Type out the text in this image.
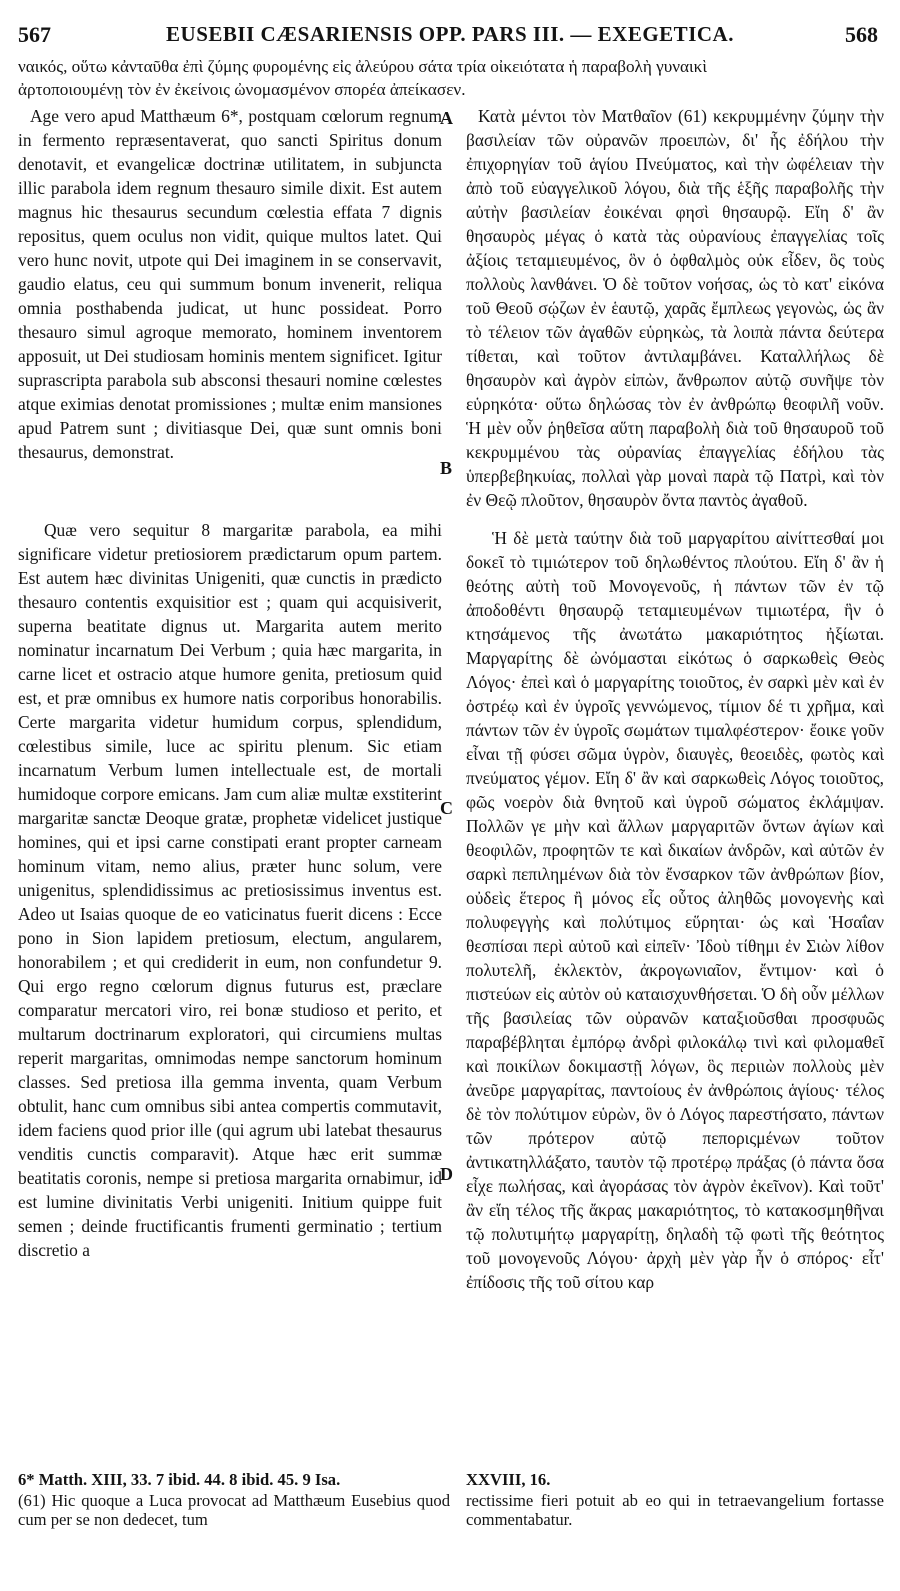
567	EUSEBII CÆSARIENSIS OPP. PARS III. — EXEGETICA.	568
ναικός, οὕτω κἀνταῦθα ἐπὶ ζύμης φυρομένης εἰς ἀλεύρου σάτα τρία οἰκειότατα ἡ παραβολὴ γυναικὶ
ἀρτοποιουμένῃ τὸν ἐν ἐκείνοις ὠνομασμένον σπορέα ἀπείκασεν.

Age vero apud Matthæum 6*, postquam cœlorum regnum in fermento repræsentaverat, quo sancti Spiritus donum denotavit, et evangelicæ doctrinæ utilitatem, in subjuncta illic parabola idem regnum thesauro simile dixit. Est autem magnus hic thesaurus secundum cœlestia effata 7 dignis repositus, quem oculus non vidit, quique multos latet. Qui vero hunc novit, utpote qui Dei imaginem in se conservavit, gaudio elatus, ceu qui summum bonum invenerit, reliqua omnia posthabenda judicat, ut hunc possideat. Porro thesauro simul agroque memorato, hominem inventorem apposuit, ut Dei studiosam hominis mentem significet. Igitur suprascripta parabola sub absconsi thesauri nomine cœlestes atque eximias denotat promissiones ; multæ enim mansiones apud Patrem sunt ; divitiasque Dei, quæ sunt omnis boni thesaurus, demonstrat.

Quæ vero sequitur 8 margaritæ parabola, ea mihi significare videtur pretiosiorem prædictarum opum partem. Est autem hæc divinitas Unigeniti, quæ cunctis in prædicto thesauro contentis exquisitior est ; quam qui acquisiverit, superna beatitate dignus ut. Margarita autem merito nominatur incarnatum Dei Verbum ; quia hæc margarita, in carne licet et ostracio atque humore genita, pretiosum quid est, et præ omnibus ex humore natis corporibus honorabilis. Certe margarita videtur humidum corpus, splendidum, cœlestibus simile, luce ac spiritu plenum. Sic etiam incarnatum Verbum lumen intellectuale est, de mortali humidoque corpore emicans. Jam cum aliæ multæ exstiterint margaritæ sanctæ Deoque gratæ, prophetæ videlicet justique homines, qui et ipsi carne constipati erant propter carneam hominum vitam, nemo alius, præter hunc solum, vere unigenitus, splendidissimus ac pretiosissimus inventus est. Adeo ut Isaias quoque de eo vaticinatus fuerit dicens : Ecce pono in Sion lapidem pretiosum, electum, angularem, honorabilem ; et qui crediderit in eum, non confundetur 9. Qui ergo regno cœlorum dignus futurus est, præclare comparatur mercatori viro, rei bonæ studioso et perito, et multarum doctrinarum exploratori, qui circumiens multas reperit margaritas, omnimodas nempe sanctorum hominum classes. Sed pretiosa illa gemma inventa, quam Verbum obtulit, hanc cum omnibus sibi antea compertis commutavit, idem faciens quod prior ille (qui agrum ubi latebat thesaurus venditis cunctis comparavit). Atque hæc erit summæ beatitatis coronis, nempe si pretiosa margarita ornabimur, id est lumine divinitatis Verbi unigeniti. Initium quippe fuit semen ; deinde fructificantis frumenti germinatio ; tertium discretio a

Κατὰ μέντοι τὸν Ματθαῖον (61) κεκρυμμένην ζύμην τὴν βασιλείαν τῶν οὐρανῶν προειπὼν, δι' ἧς ἐδήλου τὴν ἐπιχορηγίαν τοῦ ἁγίου Πνεύματος, καὶ τὴν ὠφέλειαν τὴν ἀπὸ τοῦ εὐαγγελικοῦ λόγου, διὰ τῆς ἑξῆς παραβολῆς τὴν αὐτὴν βασιλείαν ἐοικέναι φησὶ θησαυρῷ. Εἴη δ' ἂν θησαυρὸς μέγας ὁ κατὰ τὰς οὐρανίους ἐπαγγελίας τοῖς ἀξίοις τεταμιευμένος, ὃν ὁ ὀφθαλμὸς οὐκ εἶδεν, ὃς τοὺς πολλοὺς λανθάνει. Ὁ δὲ τοῦτον νοήσας, ὡς τὸ κατ' εἰκόνα τοῦ Θεοῦ σῴζων ἐν ἑαυτῷ, χαρᾶς ἔμπλεως γεγονὼς, ὡς ἂν τὸ τέλειον τῶν ἀγαθῶν εὑρηκὼς, τὰ λοιπὰ πάντα δεύτερα τίθεται, καὶ τοῦτον ἀντιλαμβάνει. Καταλλήλως δὲ θησαυρὸν καὶ ἀγρὸν εἰπὼν, ἄνθρωπον αὐτῷ συνῆψε τὸν εὑρηκότα· οὕτω δηλώσας τὸν ἐν ἀνθρώπῳ θεοφιλῆ νοῦν. Ἡ μὲν οὖν ῥηθεῖσα αὕτη παραβολὴ διὰ τοῦ θησαυροῦ τοῦ κεκρυμμένου τὰς οὐρανίας ἐπαγγελίας ἐδήλου τὰς ὑπερβεβηκυίας, πολλαὶ γὰρ μοναὶ παρὰ τῷ Πατρὶ, καὶ τὸν ἐν Θεῷ πλοῦτον, θησαυρὸν ὄντα παντὸς ἀγαθοῦ.

Ἡ δὲ μετὰ ταύτην διὰ τοῦ μαργαρίτου αἰνίττεσθαί μοι δοκεῖ τὸ τιμιώτερον τοῦ δηλωθέντος πλούτου. Εἴη δ' ἂν ἡ θεότης αὐτὴ τοῦ Μονογενοῦς, ἡ πάντων τῶν ἐν τῷ ἀποδοθέντι θησαυρῷ τεταμιευμένων τιμιωτέρα, ἣν ὁ κτησάμενος τῆς ἀνωτάτω μακαριότητος ἠξίωται. Μαργαρίτης δὲ ὠνόμασται εἰκότως ὁ σαρκωθεὶς Θεὸς Λόγος· ἐπεὶ καὶ ὁ μαργαρίτης τοιοῦτος, ἐν σαρκὶ μὲν καὶ ἐν ὀστρέῳ καὶ ἐν ὑγροῖς γεννώμενος, τίμιον δέ τι χρῆμα, καὶ πάντων τῶν ἐν ὑγροῖς σωμάτων τιμαλφέστερον· ἔοικε γοῦν εἶναι τῇ φύσει σῶμα ὑγρὸν, διαυγὲς, θεοειδὲς, φωτὸς καὶ πνεύματος γέμον. Εἴη δ' ἂν καὶ σαρκωθεὶς Λόγος τοιοῦτος, φῶς νοερὸν διὰ θνητοῦ καὶ ὑγροῦ σώματος ἐκλάμψαν. Πολλῶν γε μὴν καὶ ἄλλων μαργαριτῶν ὄντων ἁγίων καὶ θεοφιλῶν, προφητῶν τε καὶ δικαίων ἀνδρῶν, καὶ αὐτῶν ἐν σαρκὶ πεπιλημένων διὰ τὸν ἔνσαρκον τῶν ἀνθρώπων βίον, οὐδεὶς ἕτερος ἢ μόνος εἷς οὗτος ἀληθῶς μονογενὴς καὶ πολυφεγγὴς καὶ πολύτιμος εὕρηται· ὡς καὶ Ἡσαΐαν θεσπίσαι περὶ αὐτοῦ καὶ εἰπεῖν· Ἰδοὺ τίθημι ἐν Σιὼν λίθον πολυτελῆ, ἐκλεκτὸν, ἀκρογωνιαῖον, ἔντιμον· καὶ ὁ πιστεύων εἰς αὐτὸν οὐ καταισχυνθήσεται. Ὁ δὴ οὖν μέλλων τῆς βασιλείας τῶν οὐρανῶν καταξιοῦσθαι προσφυῶς παραβέβληται ἐμπόρῳ ἀνδρὶ φιλοκάλῳ τινὶ καὶ φιλομαθεῖ καὶ ποικίλων δοκιμαστῇ λόγων, ὃς περιιὼν πολλοὺς μὲν ἀνεῦρε μαργαρίτας, παντοίους ἐν ἀνθρώποις ἁγίους· τέλος δὲ τὸν πολύτιμον εὑρὼν, ὃν ὁ Λόγος παρεστήσατο, πάντων τῶν πρότερον αὐτῷ πεποριςμένων τοῦτον ἀντικατηλλάξατο, ταυτὸν τῷ προτέρῳ πράξας (ὁ πάντα ὅσα εἶχε πωλήσας, καὶ ἀγοράσας τὸν ἀγρὸν ἐκεῖνον). Καὶ τοῦτ' ἂν εἴη τέλος τῆς ἄκρας μακαριότητος, τὸ κατακοσμηθῆναι τῷ πολυτιμήτῳ μαργαρίτῃ, δηλαδὴ τῷ φωτὶ τῆς θεότητος τοῦ μονογενοῦς Λόγου· ἀρχὴ μὲν γὰρ ἦν ὁ σπόρος· εἶτ' ἐπίδοσις τῆς τοῦ σίτου καρ

A
B
C
D

6* Matth. XIII, 33. 7 ibid. 44. 8 ibid. 45. 9 Isa.

(61) Hic quoque a Luca provocat ad Matthæum Eusebius quod cum per se non dedecet, tum

XXVIII, 16.

rectissime fieri potuit ab eo qui in tetraevangelium fortasse commentabatur.
